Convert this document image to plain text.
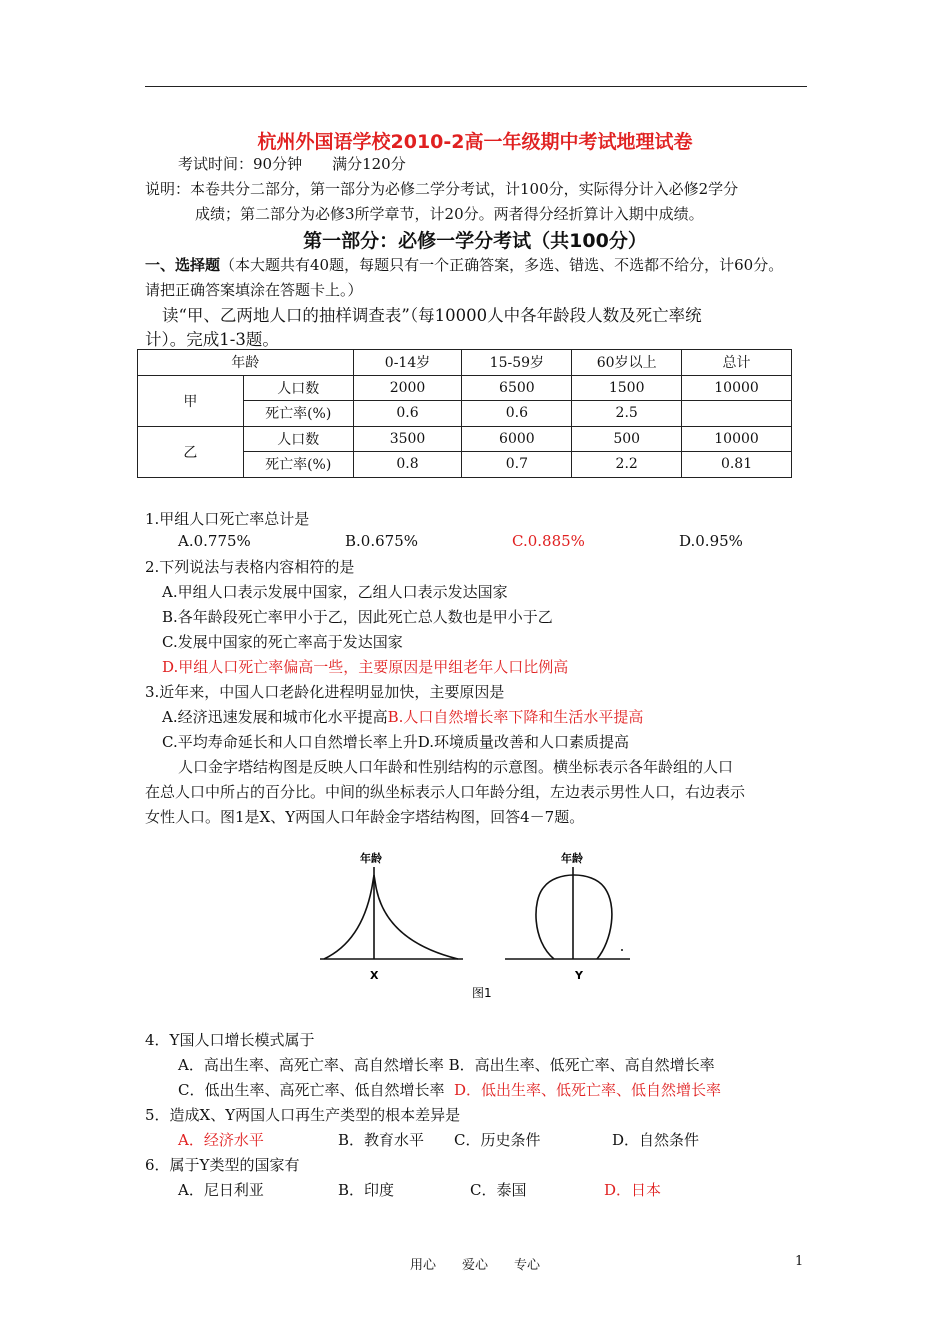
杭州外国语学校2010-2高一年级期中考试地理试卷
考试时间：90分钟　　满分120分
说明：本卷共分二部分，第一部分为必修二学分考试，计100分，实际得分计入必修2学分
成绩；第二部分为必修3所学章节，计20分。两者得分经折算计入期中成绩。
第一部分：必修一学分考试（共100分）
一、选择题（本大题共有40题，每题只有一个正确答案，多选、错选、不选都不给分，计60分。
请把正确答案填涂在答题卡上。）
读“甲、乙两地人口的抽样调查表”（每10000人中各年龄段人数及死亡率统
计）。完成1-3题。
年龄		0-14岁	15-59岁	60岁以上	总计
甲	人口数	2000	6500	1500	10000
	死亡率(%)	0.6	0.6	2.5	
乙	人口数	3500	6000	500	10000
	死亡率(%)	0.8	0.7	2.2	0.81
1.甲组人口死亡率总计是
A.0.775%	B.0.675%	C.0.885%	D.0.95%
2.下列说法与表格内容相符的是
A.甲组人口表示发展中国家，乙组人口表示发达国家
B.各年龄段死亡率甲小于乙，因此死亡总人数也是甲小于乙
C.发展中国家的死亡率高于发达国家
D.甲组人口死亡率偏高一些，主要原因是甲组老年人口比例高
3.近年来，中国人口老龄化进程明显加快，主要原因是
A.经济迅速发展和城市化水平提高B.人口自然增长率下降和生活水平提高
C.平均寿命延长和人口自然增长率上升D.环境质量改善和人口素质提高
人口金字塔结构图是反映人口年龄和性别结构的示意图。横坐标表示各年龄组的人口
在总人口中所占的百分比。中间的纵坐标表示人口年龄分组，左边表示男性人口，右边表示
女性人口。图1是X、Y两国人口年龄金字塔结构图，回答4－7题。
年龄	年龄
X	Y
图1
4．Y国人口增长模式属于
A．高出生率、高死亡率、高自然增长率 B．高出生率、低死亡率、高自然增长率
C．低出生率、高死亡率、低自然增长率 D．低出生率、低死亡率、低自然增长率
5．造成X、Y两国人口再生产类型的根本差异是
A．经济水平	B．教育水平 C．历史条件	D．自然条件
6．属于Y类型的国家有
A．尼日利亚	B．印度	C．泰国	D．日本
用心　　爱心　　专心	1
